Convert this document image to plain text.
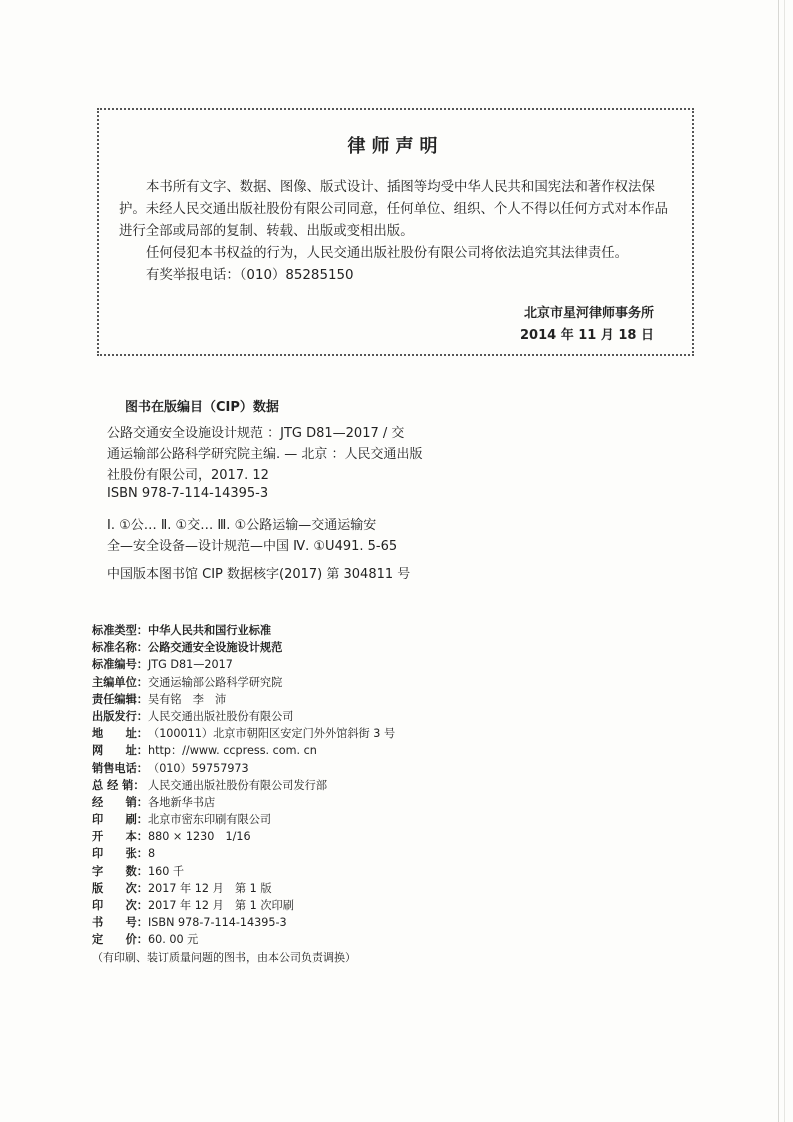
律师声明

本书所有文字、数据、图像、版式设计、插图等均受中华人民共和国宪法和著作权法保护。未经人民交通出版社股份有限公司同意，任何单位、组织、个人不得以任何方式对本作品进行全部或局部的复制、转载、出版或变相出版。

任何侵犯本书权益的行为，人民交通出版社股份有限公司将依法追究其法律责任。

有奖举报电话：（010）85285150

北京市星河律师事务所
2014 年 11 月 18 日
图书在版编目（CIP）数据
公路交通安全设施设计规范 ：JTG D81—2017 / 交
通运输部公路科学研究院主编. — 北京 ：人民交通出版
社股份有限公司，2017. 12
ISBN 978-7-114-14395-3
Ⅰ. ①公… Ⅱ. ①交… Ⅲ. ①公路运输—交通运输安
全—安全设备—设计规范—中国 Ⅳ. ①U491. 5-65
中国版本图书馆 CIP 数据核字(2017) 第 304811 号
标准类型：中华人民共和国行业标准
标准名称：公路交通安全设施设计规范
标准编号：JTG D81—2017
主编单位：交通运输部公路科学研究院
责任编辑：吴有铭　李　沛
出版发行：人民交通出版社股份有限公司
地　　址：（100011）北京市朝阳区安定门外外馆斜街 3 号
网　　址：http：//www. ccpress. com. cn
销售电话：（010）59757973
总 经 销： 人民交通出版社股份有限公司发行部
经　　销：各地新华书店
印　　刷：北京市密东印刷有限公司
开　　本：880 × 1230　1/16
印　　张：8
字　　数：160 千
版　　次：2017 年 12 月　第 1 版
印　　次：2017 年 12 月　第 1 次印刷
书　　号：ISBN 978-7-114-14395-3
定　　价：60. 00 元
（有印刷、装订质量问题的图书，由本公司负责调换）
